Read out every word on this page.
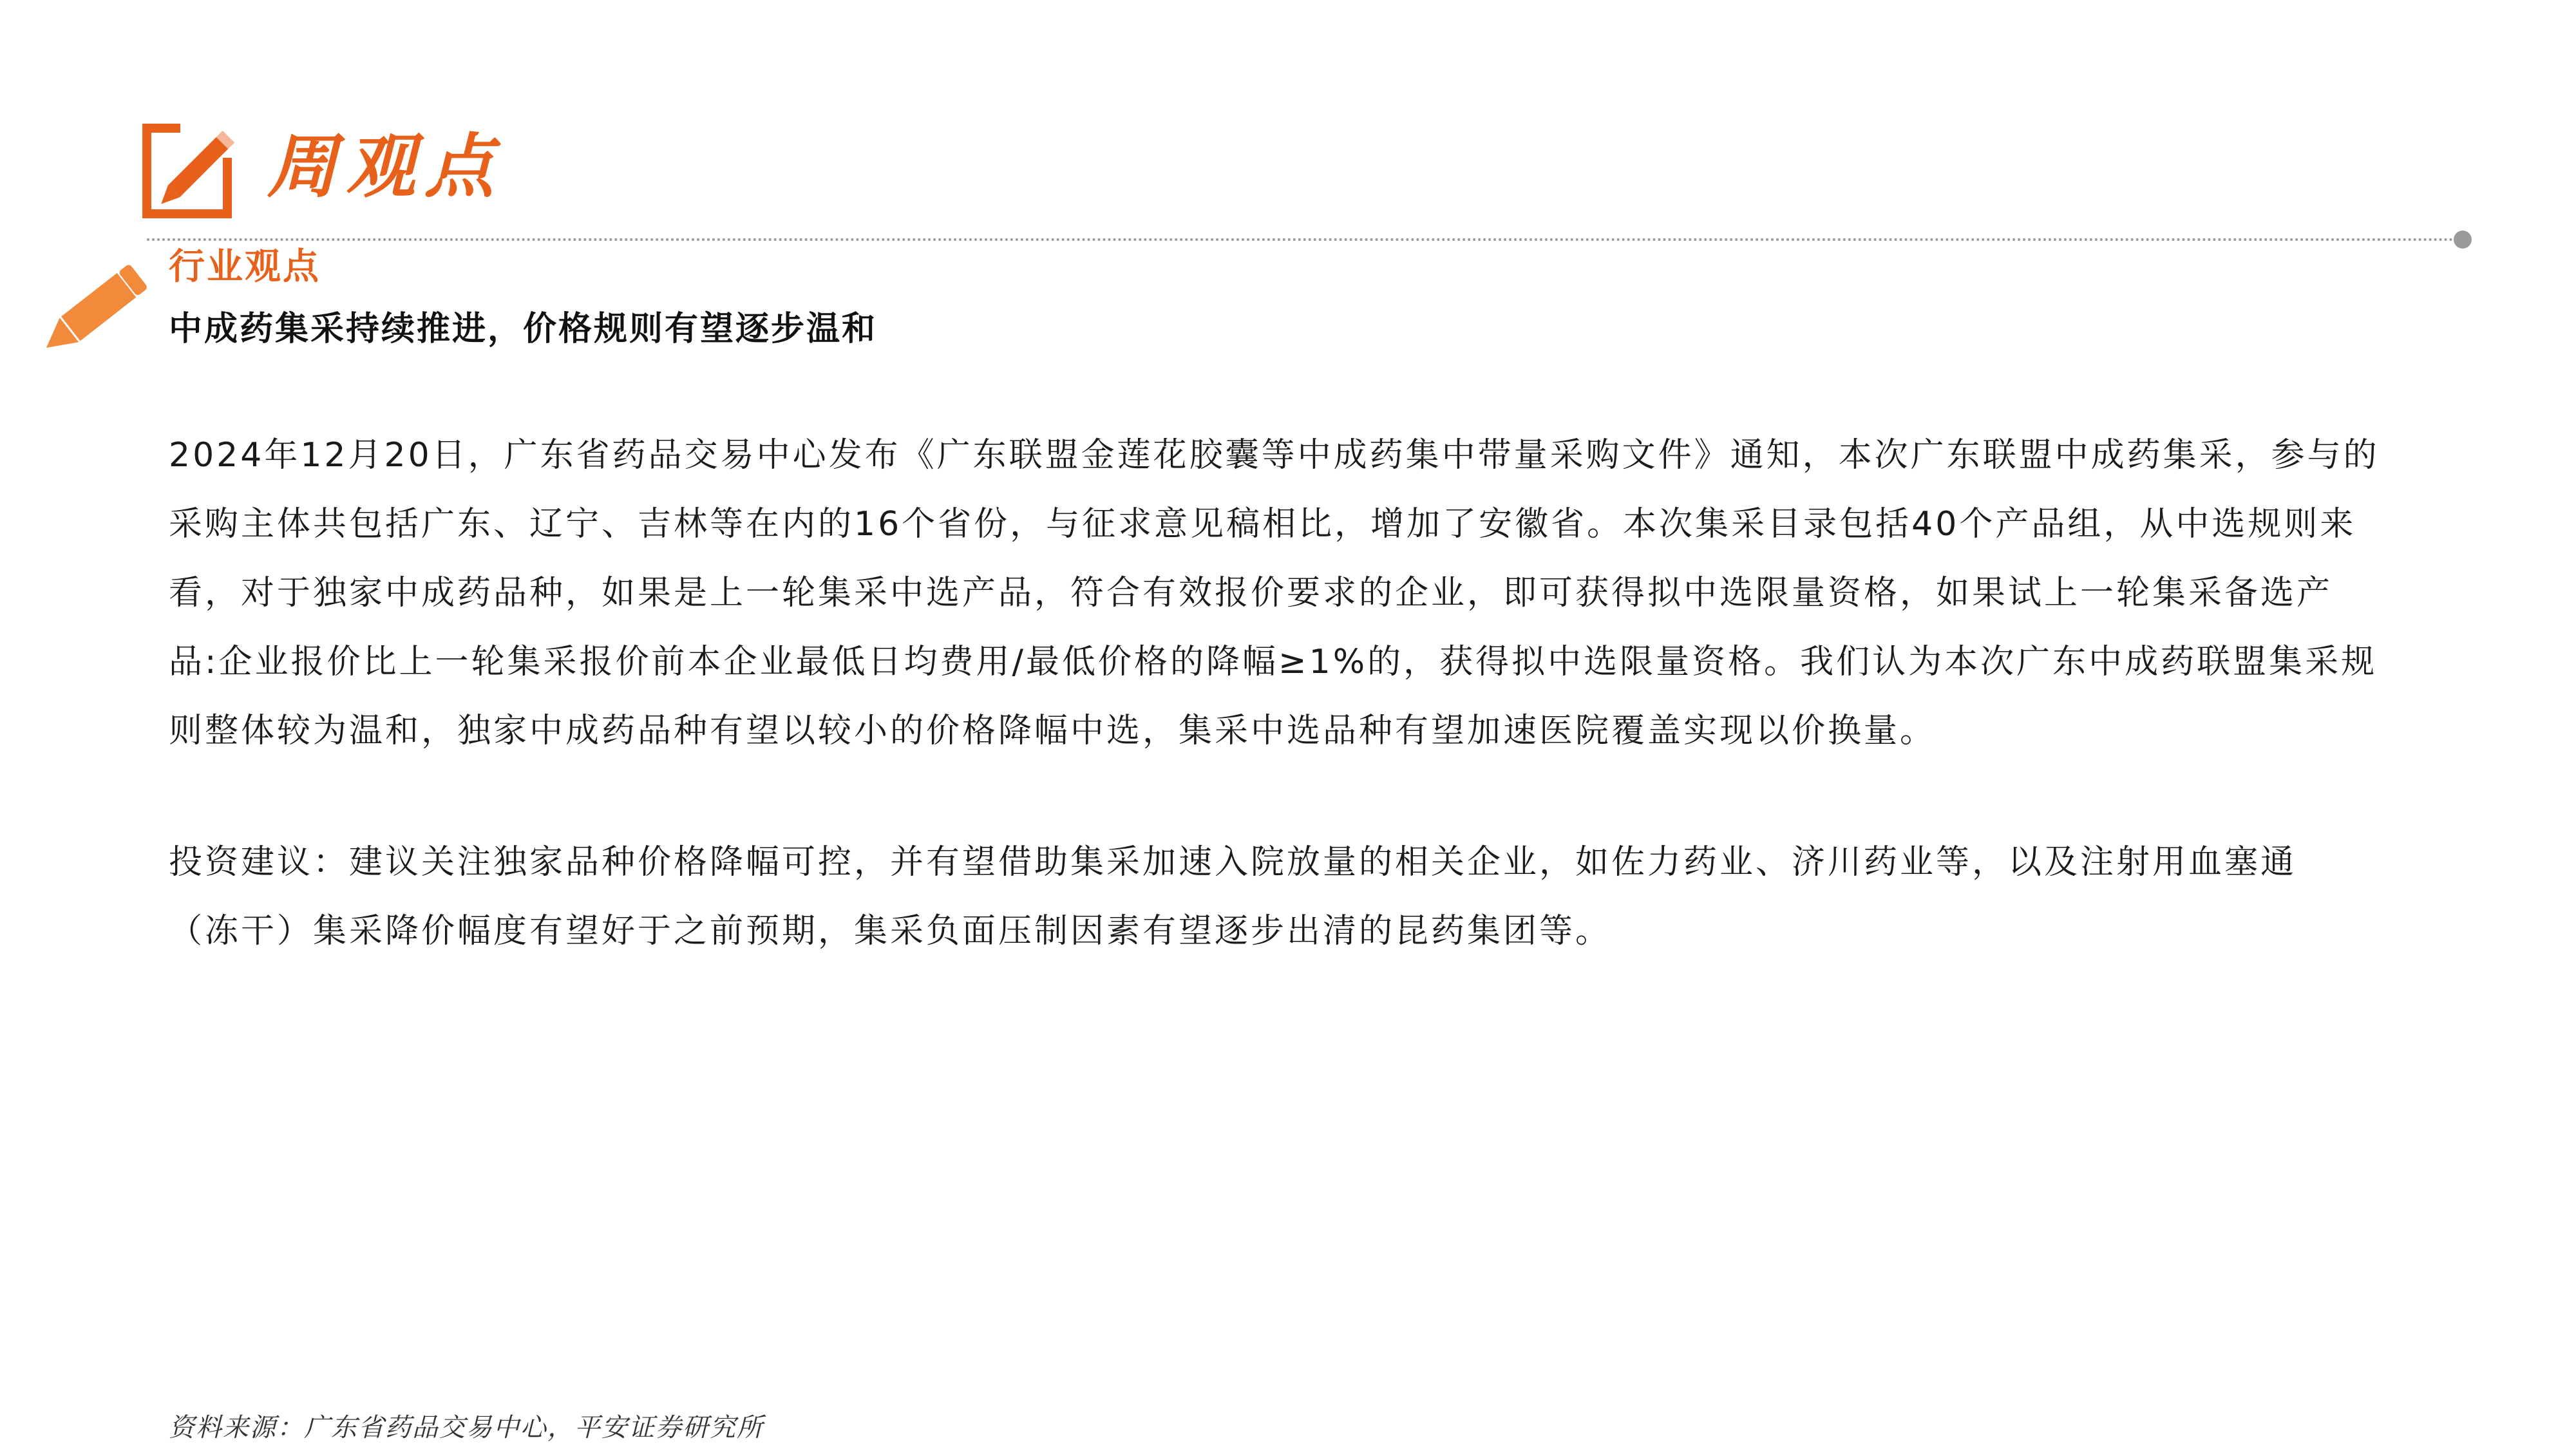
周观点
行业观点
中成药集采持续推进，价格规则有望逐步温和
2024年12月20日，广东省药品交易中心发布《广东联盟金莲花胶囊等中成药集中带量采购文件》通知，本次广东联盟中成药集采，参与的
采购主体共包括广东、辽宁、吉林等在内的16个省份，与征求意见稿相比，增加了安徽省。本次集采目录包括40个产品组，从中选规则来
看，对于独家中成药品种，如果是上一轮集采中选产品，符合有效报价要求的企业，即可获得拟中选限量资格，如果试上一轮集采备选产
品:企业报价比上一轮集采报价前本企业最低日均费用/最低价格的降幅≥1%的，获得拟中选限量资格。我们认为本次广东中成药联盟集采规
则整体较为温和，独家中成药品种有望以较小的价格降幅中选，集采中选品种有望加速医院覆盖实现以价换量。
投资建议：建议关注独家品种价格降幅可控，并有望借助集采加速入院放量的相关企业，如佐力药业、济川药业等，以及注射用血塞通
（冻干）集采降价幅度有望好于之前预期，集采负面压制因素有望逐步出清的昆药集团等。
资料来源：广东省药品交易中心，平安证券研究所
